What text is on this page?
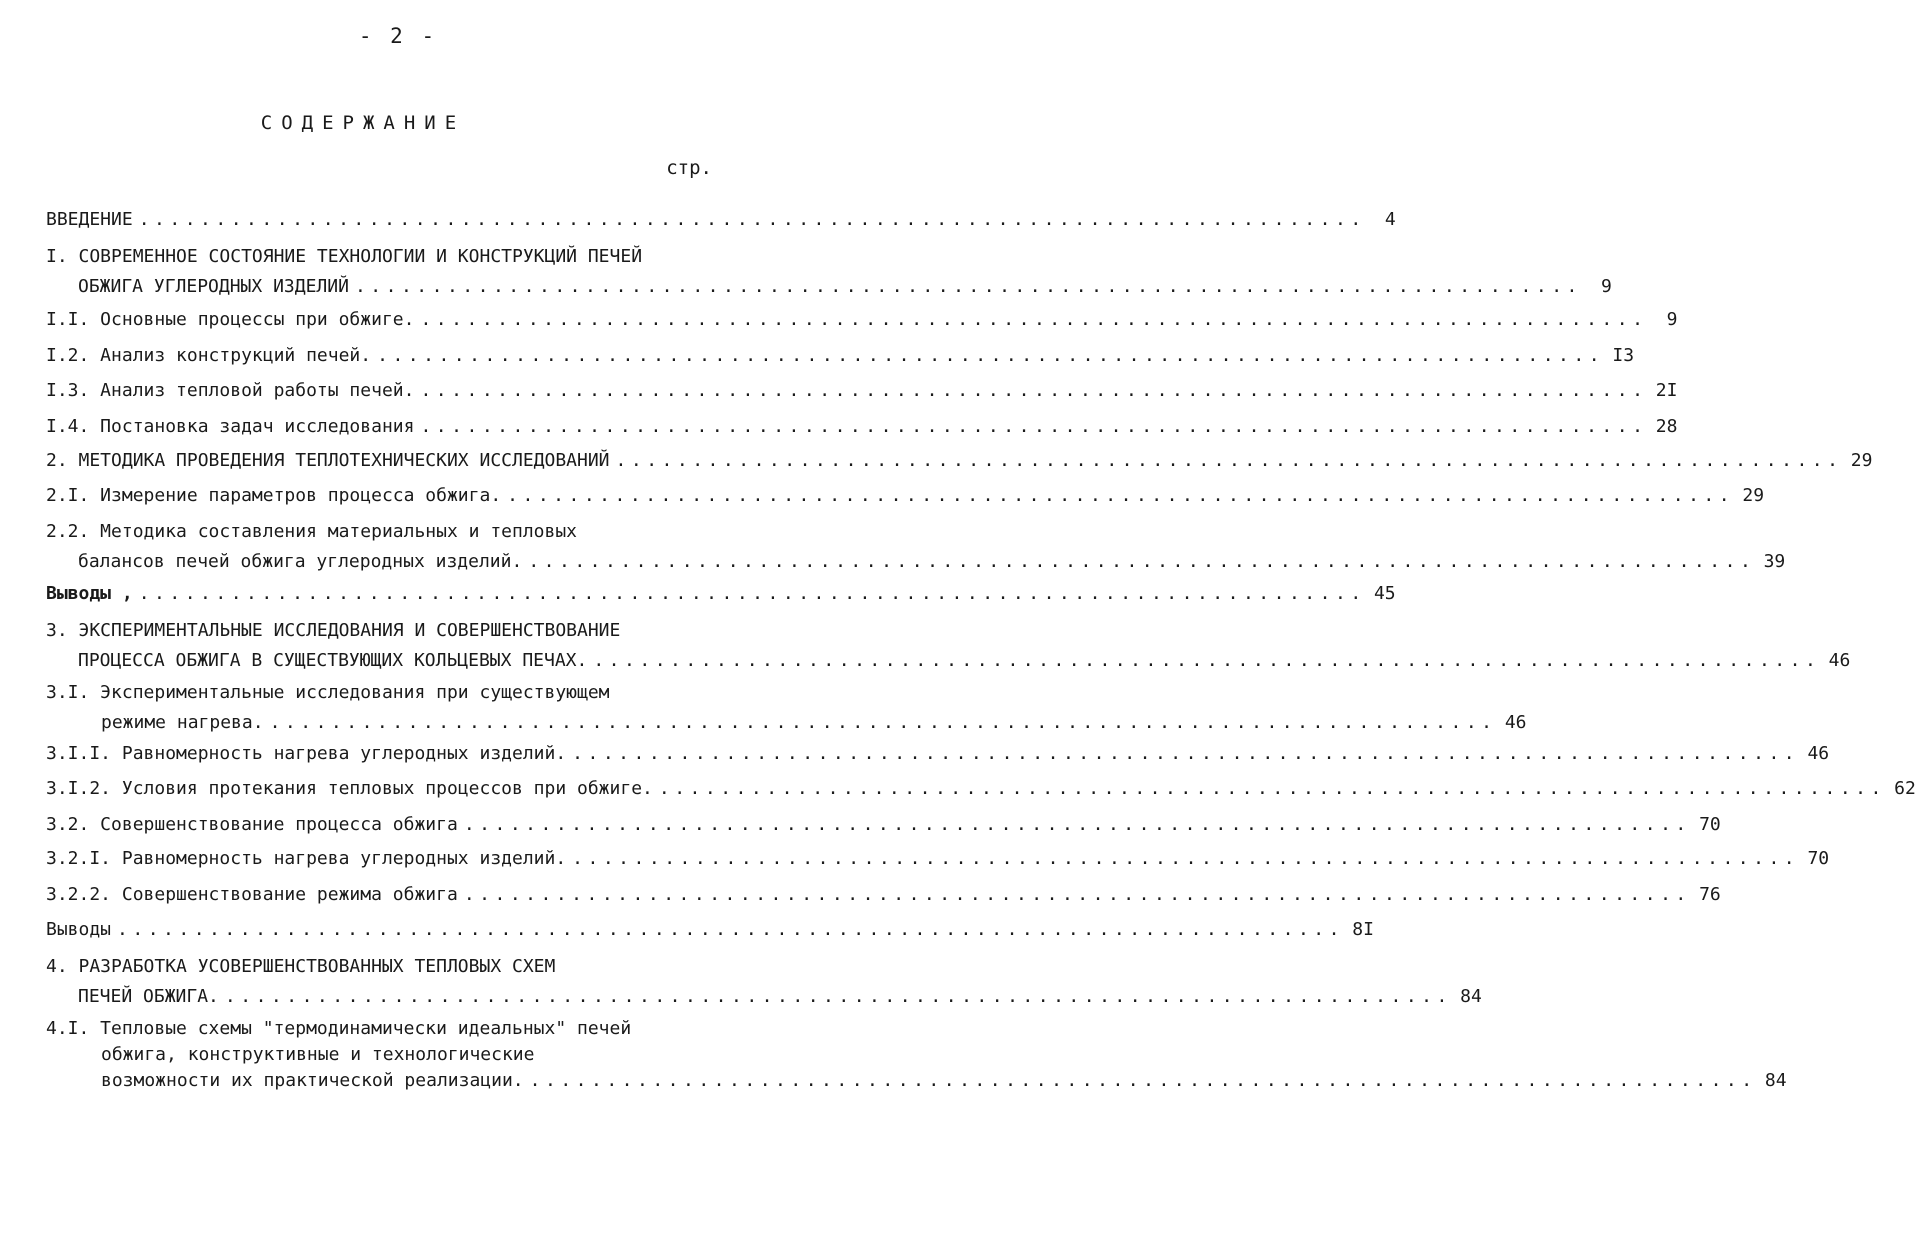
- 2 -
СОДЕРЖАНИЕ
стр.
ВВЕДЕНИЕ ................................................................................	4
I. СОВРЕМЕННОЕ СОСТОЯНИЕ ТЕХНОЛОГИИ И КОНСТРУКЦИЙ ПЕЧЕЙ
ОБЖИГА УГЛЕРОДНЫХ ИЗДЕЛИЙ ................................................................................	9
I.I. Основные процессы при обжиге. ................................................................................	9
I.2. Анализ конструкций печей. ................................................................................ I3
I.3. Анализ тепловой работы печей. ................................................................................ 2I
I.4. Постановка задач исследования ................................................................................ 28
2. МЕТОДИКА ПРОВЕДЕНИЯ ТЕПЛОТЕХНИЧЕСКИХ ИССЛЕДОВАНИЙ ................................................................................ 29
2.I. Измерение параметров процесса обжига. ................................................................................ 29
2.2. Методика составления материальных и тепловых
балансов печей обжига углеродных изделий. ................................................................................ 39
Выводы , ................................................................................ 45
3. ЭКСПЕРИМЕНТАЛЬНЫЕ ИССЛЕДОВАНИЯ И СОВЕРШЕНСТВОВАНИЕ
ПРОЦЕССА ОБЖИГА В СУЩЕСТВУЮЩИХ КОЛЬЦЕВЫХ ПЕЧАХ. ................................................................................ 46
3.I. Экспериментальные исследования при существующем
режиме нагрева. ................................................................................ 46
3.I.I. Равномерность нагрева углеродных изделий. ................................................................................ 46
3.I.2. Условия протекания тепловых процессов при обжиге. ................................................................................ 62
3.2. Совершенствование процесса обжига ................................................................................ 70
3.2.I. Равномерность нагрева углеродных изделий. ................................................................................ 70
3.2.2. Совершенствование режима обжига ................................................................................ 76
Выводы ................................................................................ 8I
4. РАЗРАБОТКА УСОВЕРШЕНСТВОВАННЫХ ТЕПЛОВЫХ СХЕМ
ПЕЧЕЙ ОБЖИГА. ................................................................................ 84
4.I. Тепловые схемы "термодинамически идеальных" печей
обжига, конструктивные и технологические
возможности их практической реализации. ................................................................................ 84
